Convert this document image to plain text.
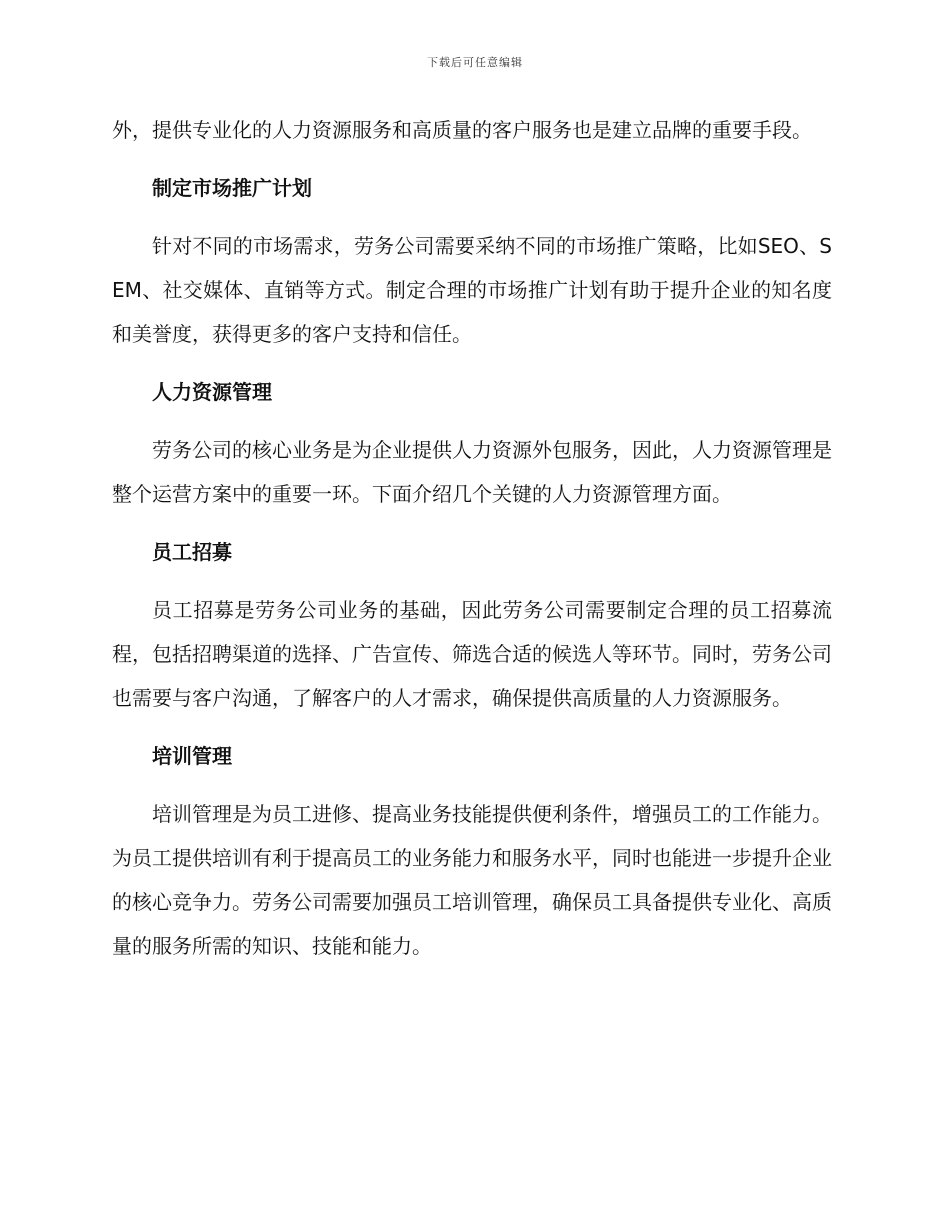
下载后可任意编辑

外，提供专业化的人力资源服务和高质量的客户服务也是建立品牌的重要手段。

制定市场推广计划

针对不同的市场需求，劳务公司需要采纳不同的市场推广策略，比如SEO、SEM、社交媒体、直销等方式。制定合理的市场推广计划有助于提升企业的知名度和美誉度，获得更多的客户支持和信任。

人力资源管理

劳务公司的核心业务是为企业提供人力资源外包服务，因此，人力资源管理是整个运营方案中的重要一环。下面介绍几个关键的人力资源管理方面。

员工招募

员工招募是劳务公司业务的基础，因此劳务公司需要制定合理的员工招募流程，包括招聘渠道的选择、广告宣传、筛选合适的候选人等环节。同时，劳务公司也需要与客户沟通，了解客户的人才需求，确保提供高质量的人力资源服务。

培训管理

培训管理是为员工进修、提高业务技能提供便利条件，增强员工的工作能力。为员工提供培训有利于提高员工的业务能力和服务水平，同时也能进一步提升企业的核心竞争力。劳务公司需要加强员工培训管理，确保员工具备提供专业化、高质量的服务所需的知识、技能和能力。
